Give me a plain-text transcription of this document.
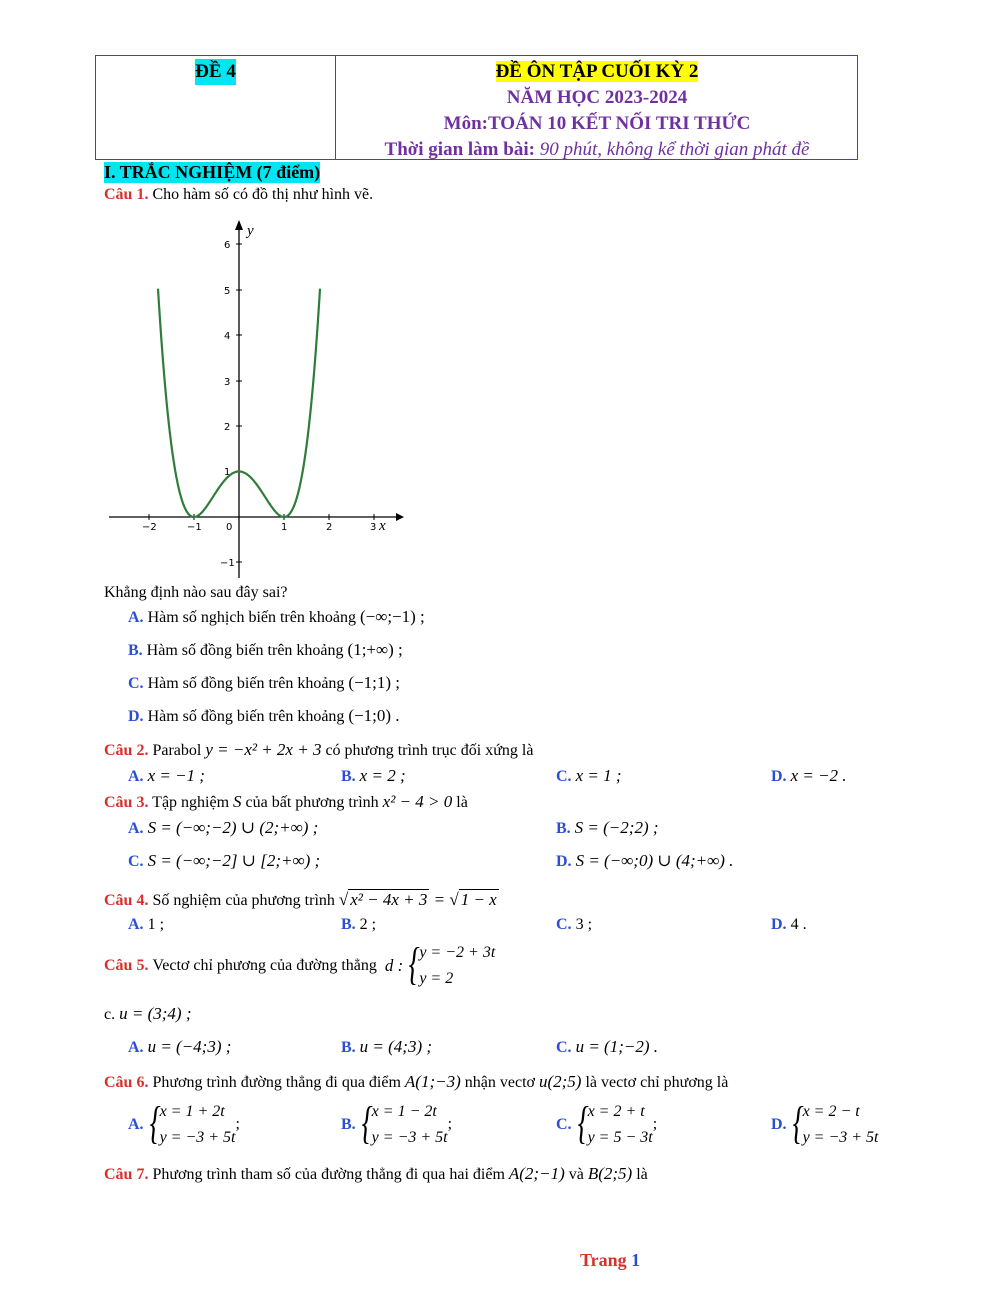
ĐỀ 4	ĐỀ ÔN TẬP CUỐI KỲ 2
NĂM HỌC 2023-2024
Môn:TOÁN 10 KẾT NỐI TRI THỨC
Thời gian làm bài: 90 phút, không kể thời gian phát đề
I. TRẮC NGHIỆM (7 điểm)
Câu 1. Cho hàm số có đồ thị như hình vẽ.
−2	−1 0	1	2	3
6
5
4
3
2
1
−1
x
y
Khẳng định nào sau đây sai?
A. Hàm số nghịch biến trên khoảng (−∞;−1) ;
B. Hàm số đồng biến trên khoảng (1;+∞) ;
C. Hàm số đồng biến trên khoảng (−1;1) ;
D. Hàm số đồng biến trên khoảng (−1;0) .
Câu 2. Parabol y = −x² + 2x + 3 có phương trình trục đối xứng là
A. x = −1 ;	B. x = 2 ;	C. x = 1 ;	D. x = −2 .
Câu 3. Tập nghiệm S của bất phương trình x² − 4 > 0 là
A. S = (−∞;−2) ∪ (2;+∞) ;	B. S = (−2;2) ;
C. S = (−∞;−2] ∪ [2;+∞) ;	D. S = (−∞;0) ∪ (4;+∞) .
Câu 4. Số nghiệm của phương trình √ x² − 4x + 3 = √ 1 − x
A. 1 ;	B. 2 ;	C. 3 ;	D. 4 .
Câu 5. Vectơ chỉ phương của đường thẳng d :
{ y = −2 + 3t
y = 2
c. u = (3;4) ;
A. u = (−4;3) ;	B. u = (4;3) ;	C. u = (1;−2) .
Câu 6. Phương trình đường thẳng đi qua điểm A(1;−3) nhận vectơ u(2;5) là vectơ chỉ phương là
A.
{ x = 1 + 2t
y = −3 + 5t
;	B.
{ x = 1 − 2t
y = −3 + 5t
;	C.
{ x = 2 + t
y = 5 − 3t
;	D.
{ x = 2 − t
y = −3 + 5t
Câu 7. Phương trình tham số của đường thẳng đi qua hai điểm A(2;−1) và B(2;5) là
Trang 1
